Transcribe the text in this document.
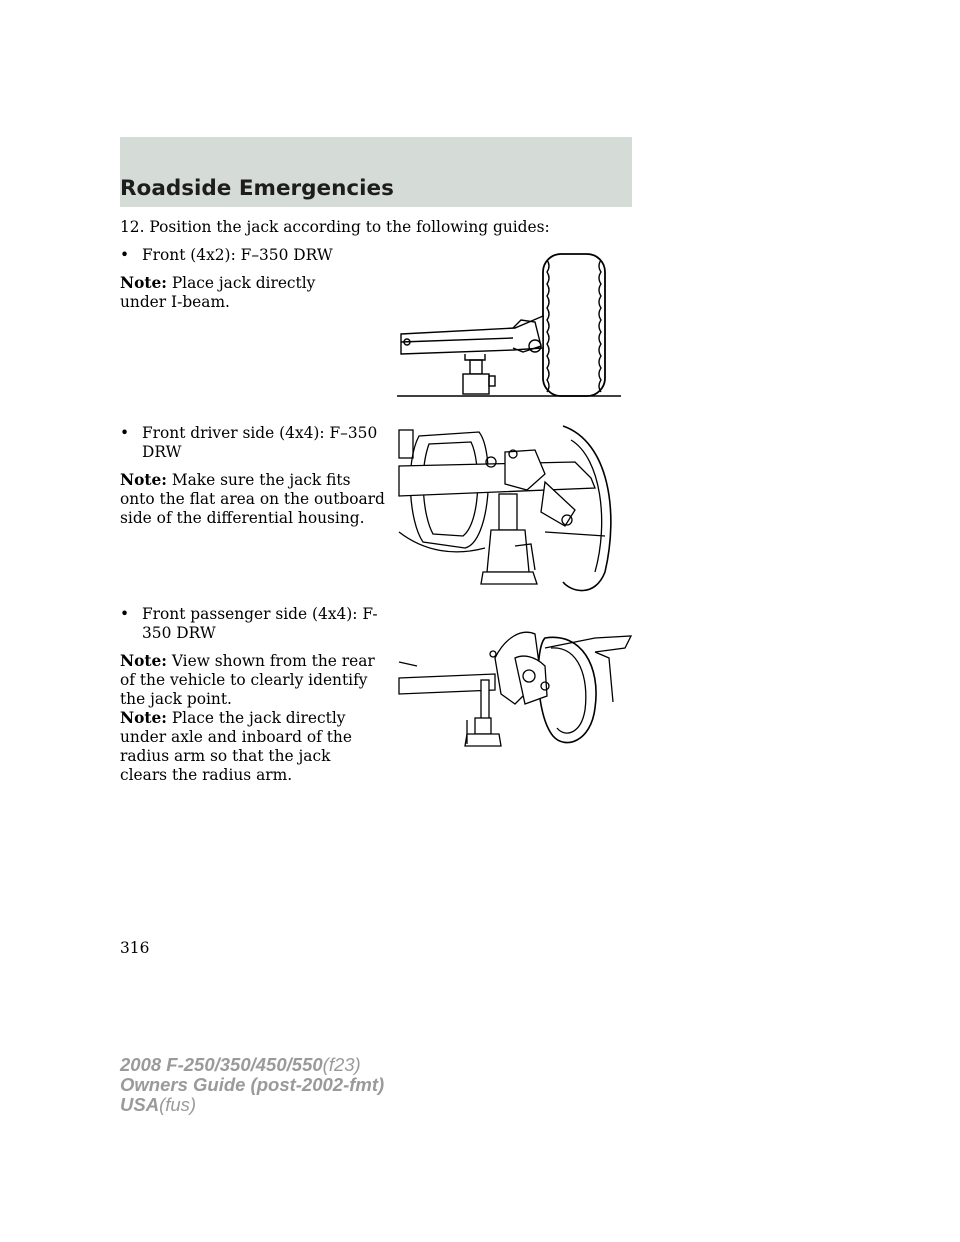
Roadside Emergencies

12. Position the jack according to the following guides:

• Front (4x2): F–350 DRW

Note: Place jack directly under I-beam.

• Front driver side (4x4): F–350 DRW

Note: Make sure the jack fits onto the flat area on the outboard side of the differential housing.

• Front passenger side (4x4): F-350 DRW

Note: View shown from the rear of the vehicle to clearly identify the jack point.

Note: Place the jack directly under axle and inboard of the radius arm so that the jack clears the radius arm.

316
2008 F-250/350/450/550(f23)
Owners Guide (post-2002-fmt)
USA(fus)
